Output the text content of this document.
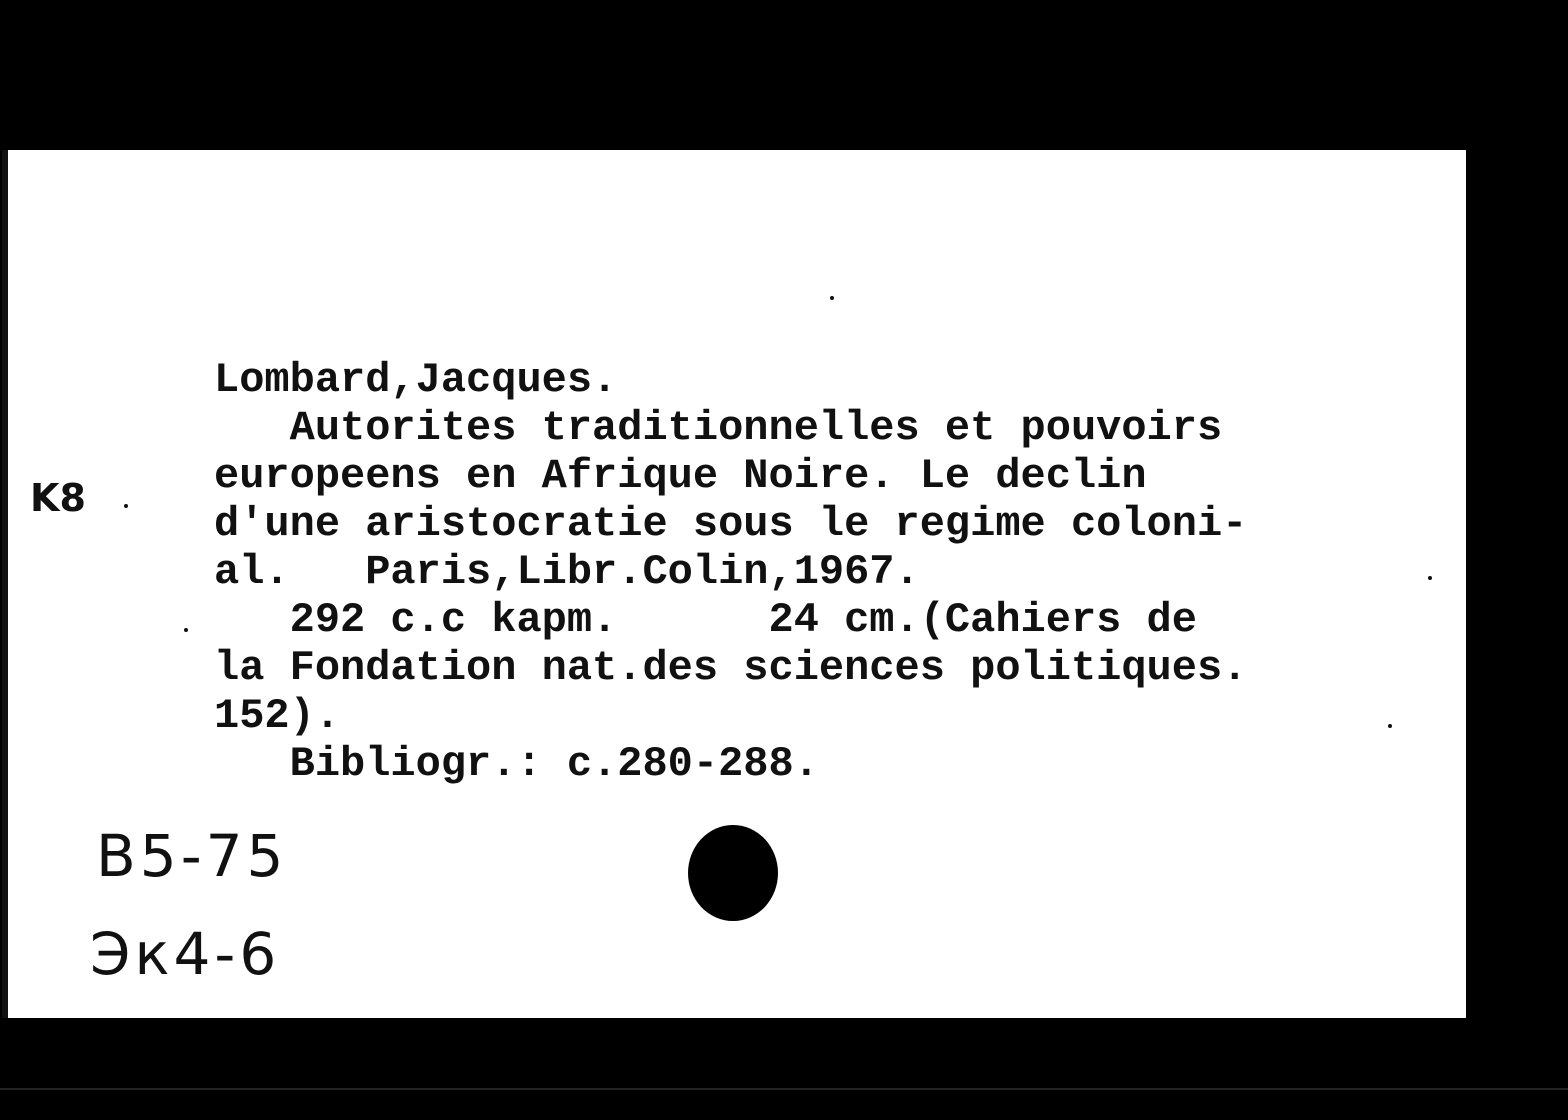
K8

Lombard,Jacques.

Autorites traditionnelles et pouvoirs

europeens en Afrique Noire. Le declin

d'une aristocratie sous le regime coloni-

al.   Paris,Libr.Colin,1967.

292 c.c kapm.      24 cm.(Cahiers de

la Fondation nat.des sciences politiques.

152).

Bibliogr.: c.280-288.

B5-75

Эк4-6
